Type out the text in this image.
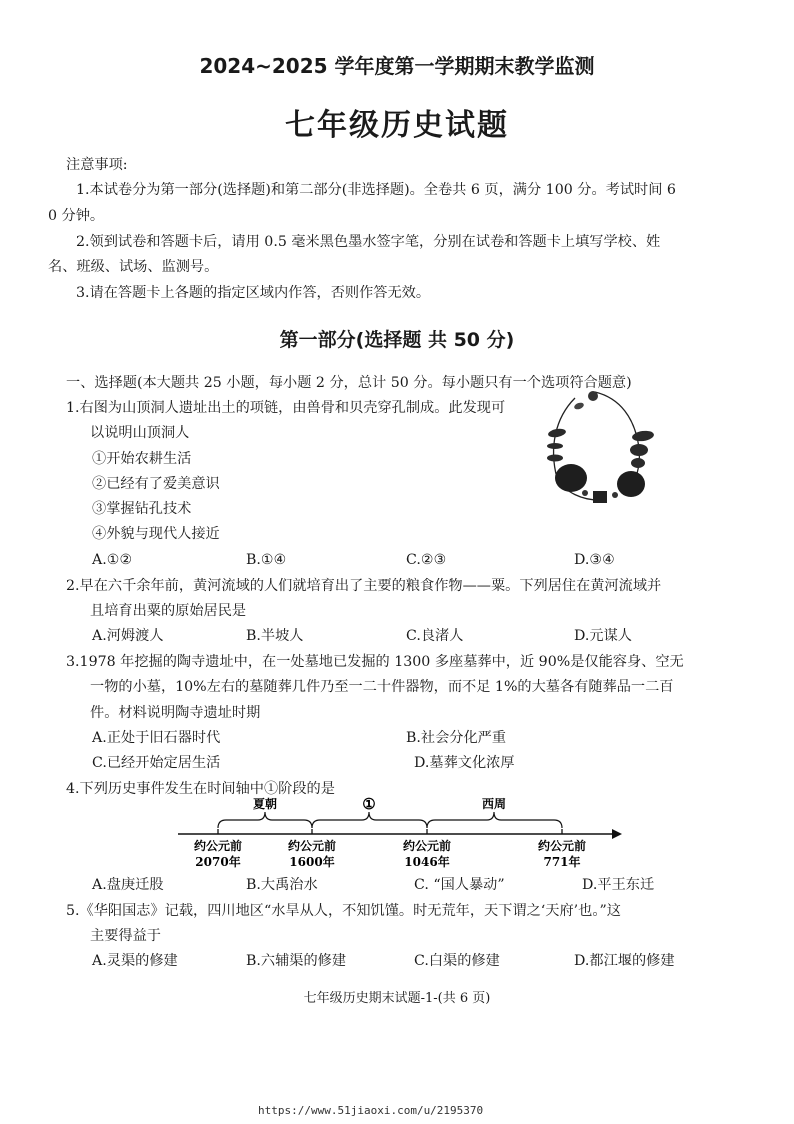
2024~2025 学年度第一学期期末教学监测
七年级历史试题
注意事项:
1.本试卷分为第一部分(选择题)和第二部分(非选择题)。全卷共 6 页，满分 100 分。考试时间 6
0 分钟。
2.领到试卷和答题卡后，请用 0.5 毫米黑色墨水签字笔，分别在试卷和答题卡上填写学校、姓
名、班级、试场、监测号。
3.请在答题卡上各题的指定区域内作答，否则作答无效。
第一部分(选择题 共 50 分)
一、选择题(本大题共 25 小题，每小题 2 分，总计 50 分。每小题只有一个选项符合题意)
1.右图为山顶洞人遗址出土的项链，由兽骨和贝壳穿孔制成。此发现可
以说明山顶洞人
①开始农耕生活
②已经有了爱美意识
③掌握钻孔技术
④外貌与现代人接近
A.①②	B.①④	C.②③	D.③④
2.早在六千余年前，黄河流域的人们就培育出了主要的粮食作物——粟。下列居住在黄河流域并
且培育出粟的原始居民是
A.河姆渡人	B.半坡人	C.良渚人	D.元谋人
3.1978 年挖掘的陶寺遗址中，在一处墓地已发掘的 1300 多座墓葬中，近 90%是仅能容身、空无
一物的小墓，10%左右的墓随葬几件乃至一二十件器物，而不足 1%的大墓各有随葬品一二百
件。材料说明陶寺遗址时期
A.正处于旧石器时代	B.社会分化严重
C.已经开始定居生活	D.墓葬文化浓厚
4.下列历史事件发生在时间轴中①阶段的是
夏朝	①	西周
约公元前
2070年
约公元前
1600年
约公元前
1046年
约公元前
771年
A.盘庚迁股	B.大禹治水	C. “国人暴动”	D.平王东迁
5.《华阳国志》记载，四川地区“水旱从人，不知饥馑。时无荒年，天下谓之‘天府’也。”这
主要得益于
A.灵渠的修建	B.六辅渠的修建	C.白渠的修建	D.都江堰的修建
七年级历史期末试题-1-(共 6 页)
https://www.51jiaoxi.com/u/2195370
